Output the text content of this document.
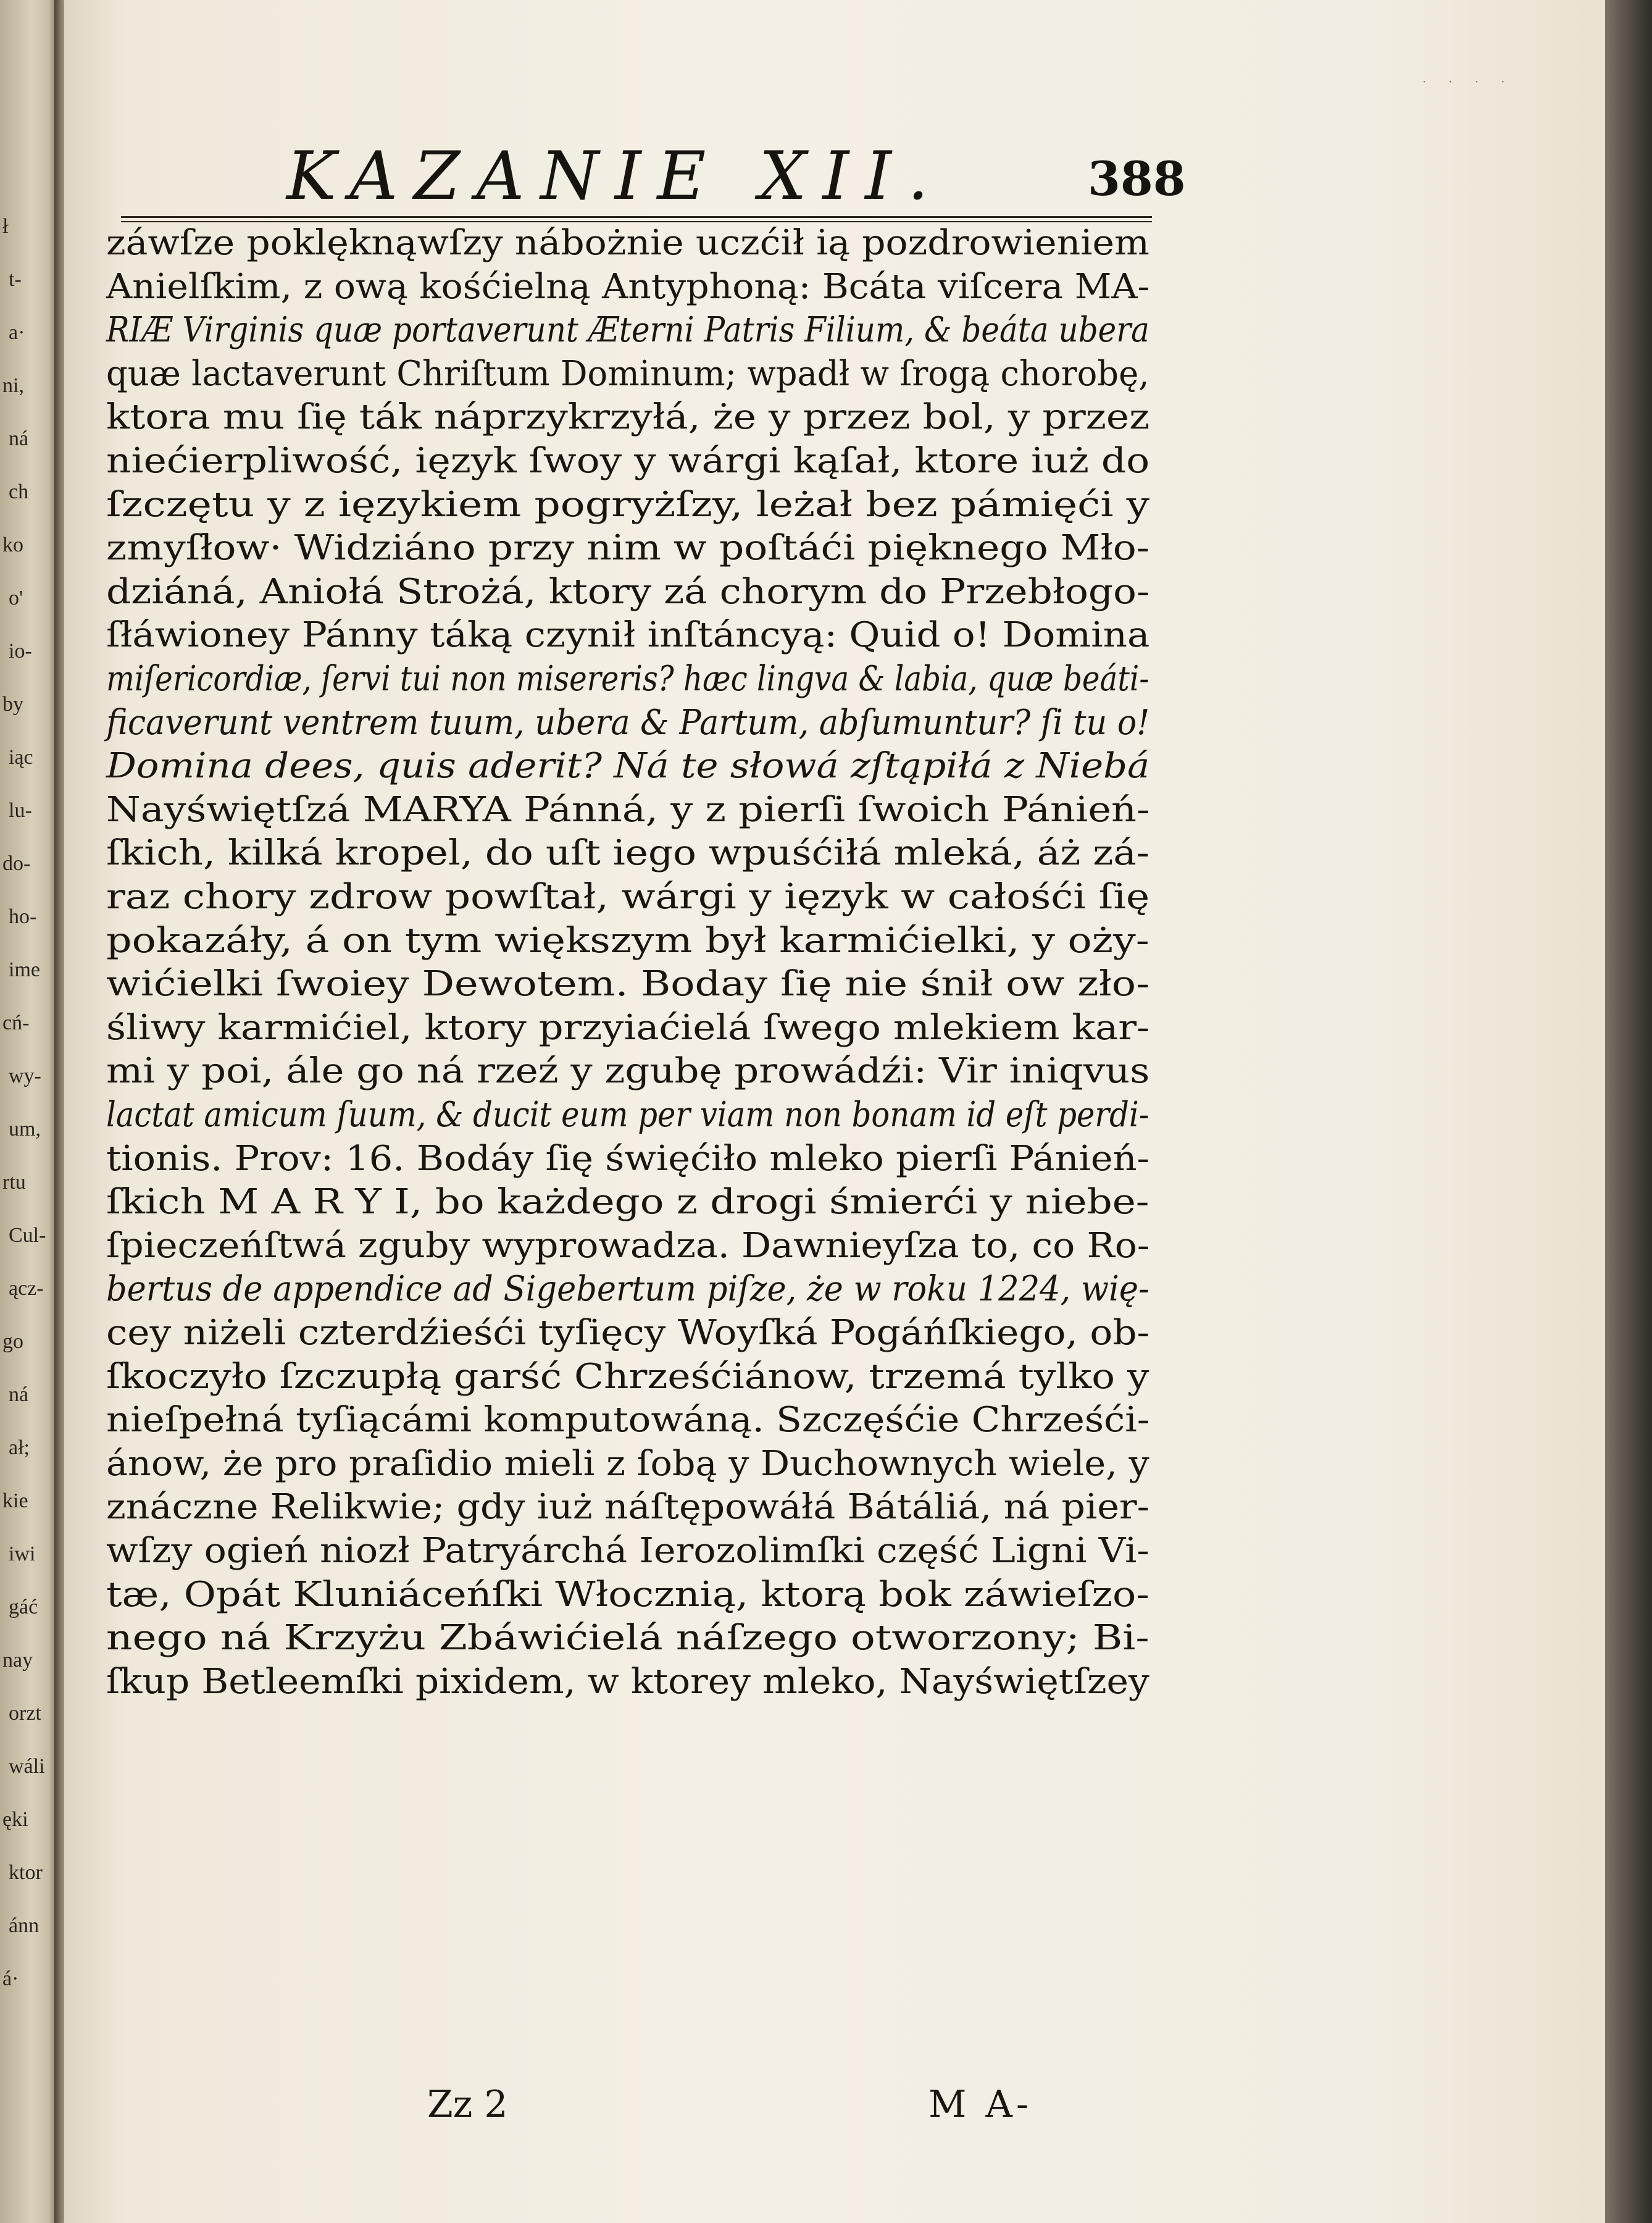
ł
t-
a·
ni,
ná
ch
ko
o'
io-
by
iąc
lu-
do-
ho-
ime
cń-
wy-
um,
rtu
Cul-
ącz-
go
ná
ał;
kie
iwi
gáć
nay
orzt
wáli
ęki
ktor
ánn
á·
· · · ·
KAZANIE XII.	388
záwſze poklęknąwſzy nábożnie uczćił ią pozdrowieniem
Anielſkim, z ową kośćielną Antyphoną: Bcáta viſcera MA-
RIÆ Virginis quæ portaverunt Æterni Patris Filium, & beáta ubera
quæ lactaverunt Chriſtum Dominum; wpadł w ſrogą chorobę,
ktora mu ſię ták náprzykrzyłá, że y przez bol, y przez
niećierpliwość, ięzyk ſwoy y wárgi kąſał, ktore iuż do
ſzczętu y z ięzykiem pogryżſzy, leżał bez pámięći y
zmyſłow· Widziáno przy nim w poſtáći pięknego Mło-
dziáná, Aniołá Strożá, ktory zá chorym do Przebłogo-
ſłáwioney Pánny táką czynił inſtáncyą: Quid o! Domina
miſericordiæ, ſervi tui non misereris? hæc lingva & labia, quæ beáti-
ficaverunt ventrem tuum, ubera & Partum, abſumuntur? ſi tu o!
Domina dees, quis aderit? Ná te słowá zſtąpiłá z Niebá
Nayświętſzá MARYA Pánná, y z pierſi ſwoich Pánień-
ſkich, kilká kropel, do uſt iego wpuśćiłá mleká, áż zá-
raz chory zdrow powſtał, wárgi y ięzyk w całośći ſię
pokazáły, á on tym większym był karmićielki, y oży-
wićielki ſwoiey Dewotem. Boday ſię nie śnił ow zło-
śliwy karmićiel, ktory przyiaćielá ſwego mlekiem kar-
mi y poi, ále go ná rzeź y zgubę prowádźi: Vir iniqvus
lactat amicum ſuum, & ducit eum per viam non bonam id eſt perdi-
tionis. Prov: 16. Bodáy ſię święćiło mleko pierſi Pánień-
ſkich M A R Y I, bo każdego z drogi śmierći y niebe-
ſpieczeńſtwá zguby wyprowadza. Dawnieyſza to, co Ro-
bertus de appendice ad Sigebertum piſze, że w roku 1224, wię-
cey niżeli czterdźieśći tyſięcy Woyſká Pogáńſkiego, ob-
ſkoczyło ſzczupłą garść Chrześćiánow, trzemá tylko y
nieſpełná tyſiącámi komputowáną. Szczęśćie Chrześći-
ánow, że pro praſidio mieli z ſobą y Duchownych wiele, y
znáczne Relikwie; gdy iuż náſtępowáłá Bátáliá, ná pier-
wſzy ogień niozł Patryárchá Ierozolimſki część Ligni Vi-
tæ, Opát Kluniáceńſki Włocznią, ktorą bok záwieſzo-
nego ná Krzyżu Zbáwićielá náſzego otworzony; Bi-
ſkup Betleemſki pixidem, w ktorey mleko, Nayświętſzey
Zz 2	M A-
